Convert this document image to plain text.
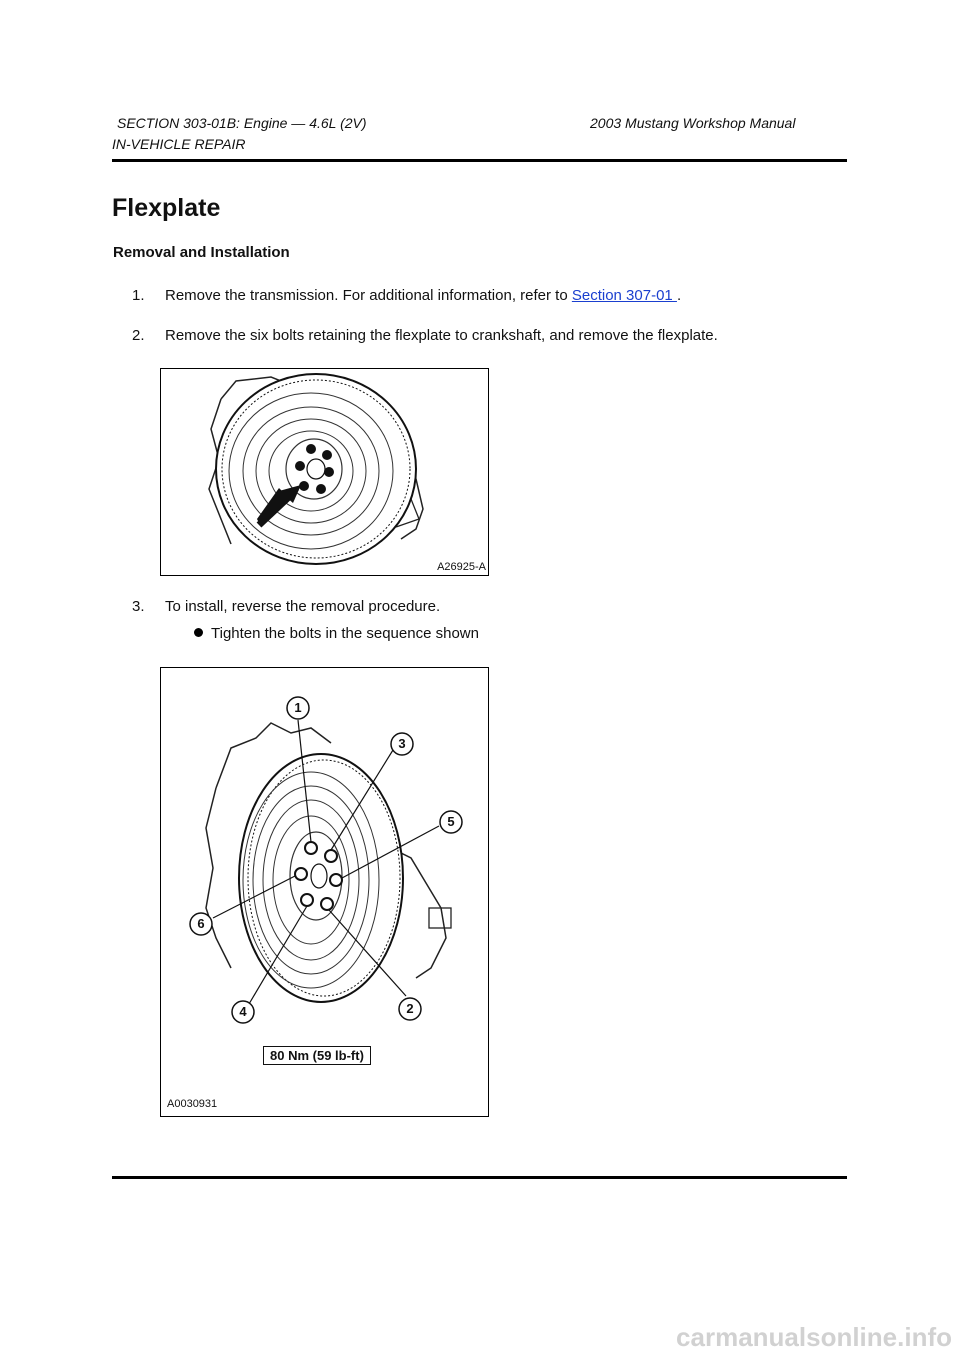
SECTION 303-01B: Engine — 4.6L (2V)	2003 Mustang Workshop Manual
IN-VEHICLE REPAIR
Flexplate
Removal and Installation
1. Remove the transmission. For additional information, refer to Section 307-01 .
2. Remove the six bolts retaining the flexplate to crankshaft, and remove the flexplate.
A26925-A
3. To install, reverse the removal procedure.
Tighten the bolts in the sequence shown
1
2
3
4
5
6
80 Nm (59 lb-ft)
A0030931
carmanualsonline.info
